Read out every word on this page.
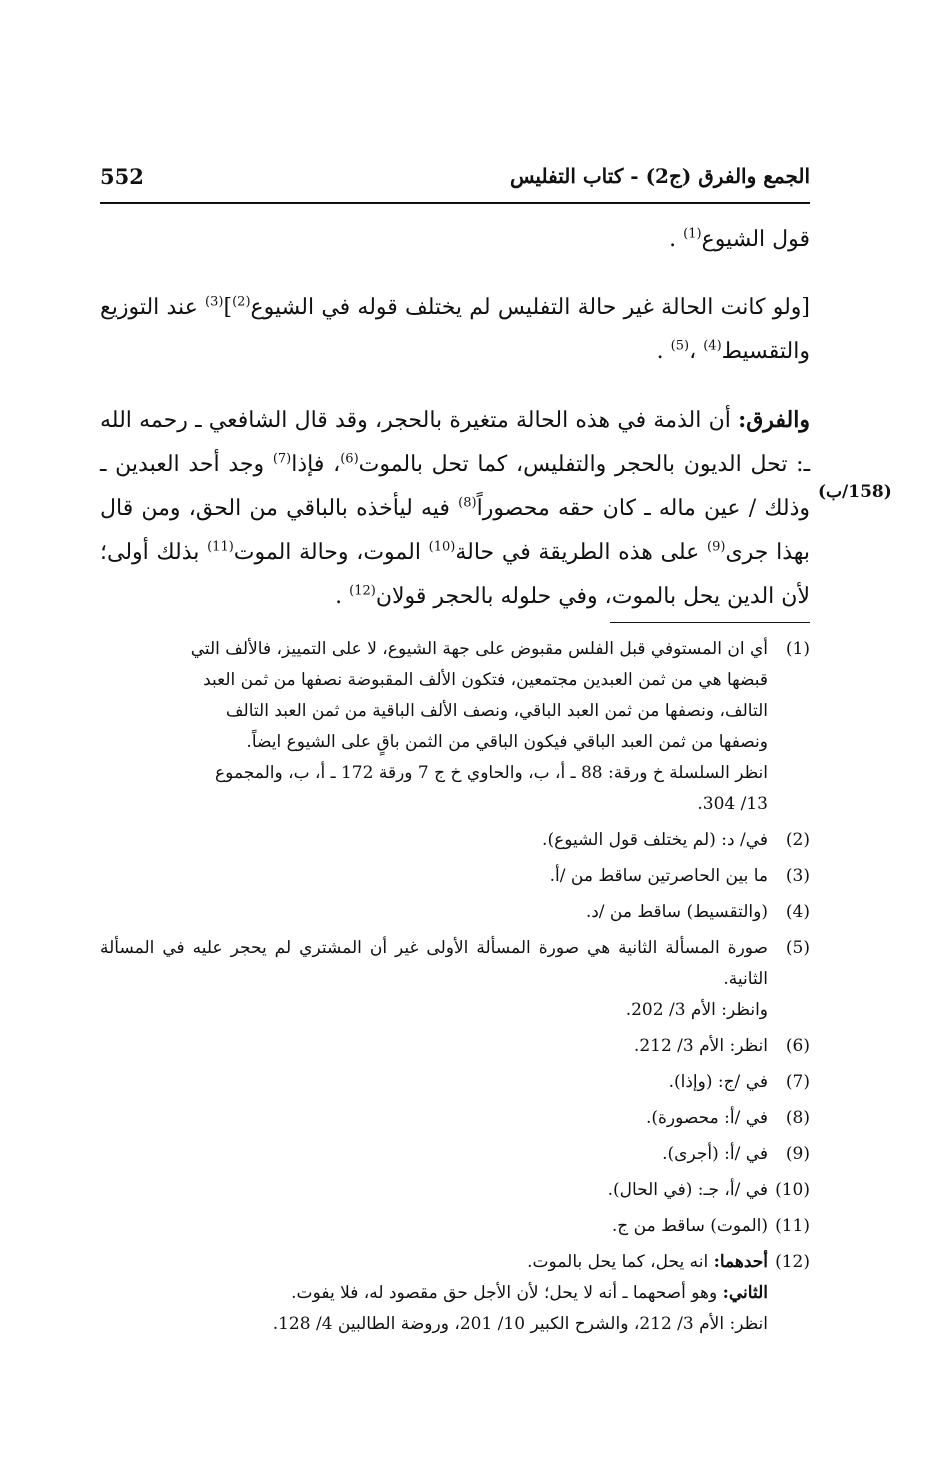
552	الجمع والفرق (ج2) - كتاب التفليس

قول الشيوع$^{(1)}$ .

[ولو كانت الحالة غير حالة التفليس لم يختلف قوله في الشيوع$^{(2)}$]$^{(3)}$ عند التوزيع والتقسيط$^{(4)}$ ،$^{(5)}$ .

والفرق: أن الذمة في هذه الحالة متغيرة بالحجر، وقد قال الشافعي ـ رحمه الله ـ: تحل الديون بالحجر والتفليس، كما تحل بالموت$^{(6)}$، فإذا$^{(7)}$ وجد أحد العبدين ـ وذلك / عين ماله ـ كان حقه محصوراً$^{(8)}$ فيه ليأخذه بالباقي من الحق، ومن قال بهذا جرى$^{(9)}$ على هذه الطريقة في حالة$^{(10)}$ الموت، وحالة الموت$^{(11)}$ بذلك أولى؛ لأن الدين يحل بالموت، وفي حلوله بالحجر قولان$^{(12)}$ .

(158/ب)
(1)
أي ان المستوفي قبل الفلس مقبوض على جهة الشيوع، لا على التمييز، فالألف التي
قبضها هي من ثمن العبدين مجتمعين، فتكون الألف المقبوضة نصفها من ثمن العبد
التالف، ونصفها من ثمن العبد الباقي، ونصف الألف الباقية من ثمن العبد التالف
ونصفها من ثمن العبد الباقي فيكون الباقي من الثمن باقٍ على الشيوع ايضاً.
انظر السلسلة خ ورقة: 88 ـ أ، ب، والحاوي خ ج 7 ورقة 172 ـ أ، ب، والمجموع
13/ 304.
(2)
في/ د: (لم يختلف قول الشيوع).
(3)
ما بين الحاصرتين ساقط من /أ.
(4)
(والتقسيط) ساقط من /د.
(5)
صورة المسألة الثانية هي صورة المسألة الأولى غير أن المشتري لم يحجر عليه في المسألة الثانية.
وانظر: الأم 3/ 202.
(6)
انظر: الأم 3/ 212.
(7)
في /ج: (وإذا).
(8)
في /أ: محصورة).
(9)
في /أ: (أجرى).
(10)
في /أ، جـ: (في الحال).
(11)
(الموت) ساقط من ج.
(12)
أحدهما: انه يحل، كما يحل بالموت.
الثاني: وهو أصحهما ـ أنه لا يحل؛ لأن الأجل حق مقصود له، فلا يفوت.
انظر: الأم 3/ 212، والشرح الكبير 10/ 201، وروضة الطالبين 4/ 128.
